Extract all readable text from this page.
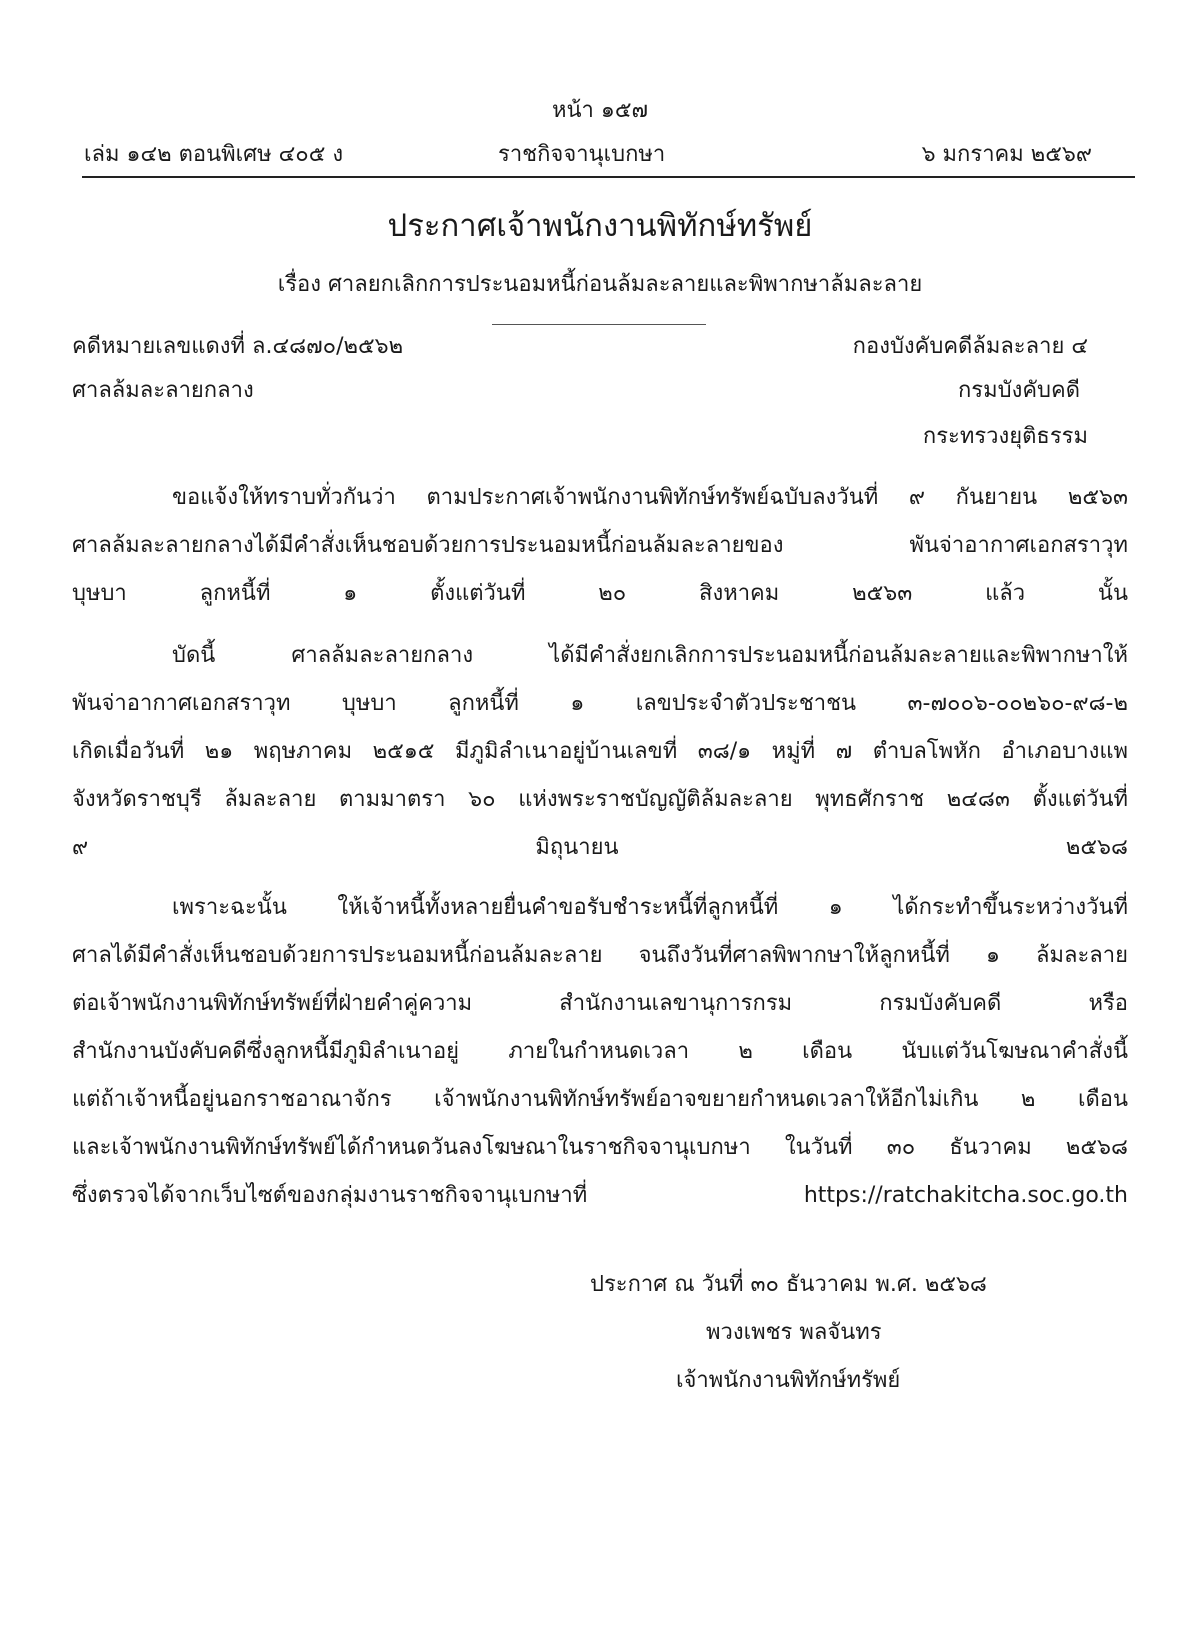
หน้า ๑๕๗
เล่ม ๑๔๒ ตอนพิเศษ ๔๐๕ ง	ราชกิจจานุเบกษา	๖ มกราคม ๒๕๖๙
ประกาศเจ้าพนักงานพิทักษ์ทรัพย์
เรื่อง ศาลยกเลิกการประนอมหนี้ก่อนล้มละลายและพิพากษาล้มละลาย
คดีหมายเลขแดงที่ ล.๔๘๗๐/๒๕๖๒
ศาลล้มละลายกลาง
กองบังคับคดีล้มละลาย ๔
กรมบังคับคดี
กระทรวงยุติธรรม

ขอแจ้งให้ทราบทั่วกันว่า ตามประกาศเจ้าพนักงานพิทักษ์ทรัพย์ฉบับลงวันที่ ๙ กันยายน ๒๕๖๓
ศาลล้มละลายกลางได้มีคำสั่งเห็นชอบด้วยการประนอมหนี้ก่อนล้มละลายของ พันจ่าอากาศเอกสราวุท
บุษบา ลูกหนี้ที่ ๑ ตั้งแต่วันที่ ๒๐ สิงหาคม ๒๕๖๓ แล้ว นั้น

บัดนี้ ศาลล้มละลายกลาง ได้มีคำสั่งยกเลิกการประนอมหนี้ก่อนล้มละลายและพิพากษาให้
พันจ่าอากาศเอกสราวุท บุษบา ลูกหนี้ที่ ๑ เลขประจำตัวประชาชน ๓-๗๐๐๖-๐๐๒๖๐-๙๘-๒
เกิดเมื่อวันที่ ๒๑ พฤษภาคม ๒๕๑๕ มีภูมิลำเนาอยู่บ้านเลขที่ ๓๘/๑ หมู่ที่ ๗ ตำบลโพหัก อำเภอบางแพ
จังหวัดราชบุรี ล้มละลาย ตามมาตรา ๖๐ แห่งพระราชบัญญัติล้มละลาย พุทธศักราช ๒๔๘๓ ตั้งแต่วันที่
๙ มิถุนายน ๒๕๖๘

เพราะฉะนั้น ให้เจ้าหนี้ทั้งหลายยื่นคำขอรับชำระหนี้ที่ลูกหนี้ที่ ๑ ได้กระทำขึ้นระหว่างวันที่
ศาลได้มีคำสั่งเห็นชอบด้วยการประนอมหนี้ก่อนล้มละลาย จนถึงวันที่ศาลพิพากษาให้ลูกหนี้ที่ ๑ ล้มละลาย
ต่อเจ้าพนักงานพิทักษ์ทรัพย์ที่ฝ่ายคำคู่ความ สำนักงานเลขานุการกรม กรมบังคับคดี หรือ
สำนักงานบังคับคดีซึ่งลูกหนี้มีภูมิลำเนาอยู่ ภายในกำหนดเวลา ๒ เดือน นับแต่วันโฆษณาคำสั่งนี้
แต่ถ้าเจ้าหนี้อยู่นอกราชอาณาจักร เจ้าพนักงานพิทักษ์ทรัพย์อาจขยายกำหนดเวลาให้อีกไม่เกิน ๒ เดือน
และเจ้าพนักงานพิทักษ์ทรัพย์ได้กำหนดวันลงโฆษณาในราชกิจจานุเบกษา ในวันที่ ๓๐ ธันวาคม ๒๕๖๘
ซึ่งตรวจได้จากเว็บไซต์ของกลุ่มงานราชกิจจานุเบกษาที่ https://ratchakitcha.soc.go.th

ประกาศ ณ วันที่ ๓๐ ธันวาคม พ.ศ. ๒๕๖๘
พวงเพชร พลจันทร
เจ้าพนักงานพิทักษ์ทรัพย์
